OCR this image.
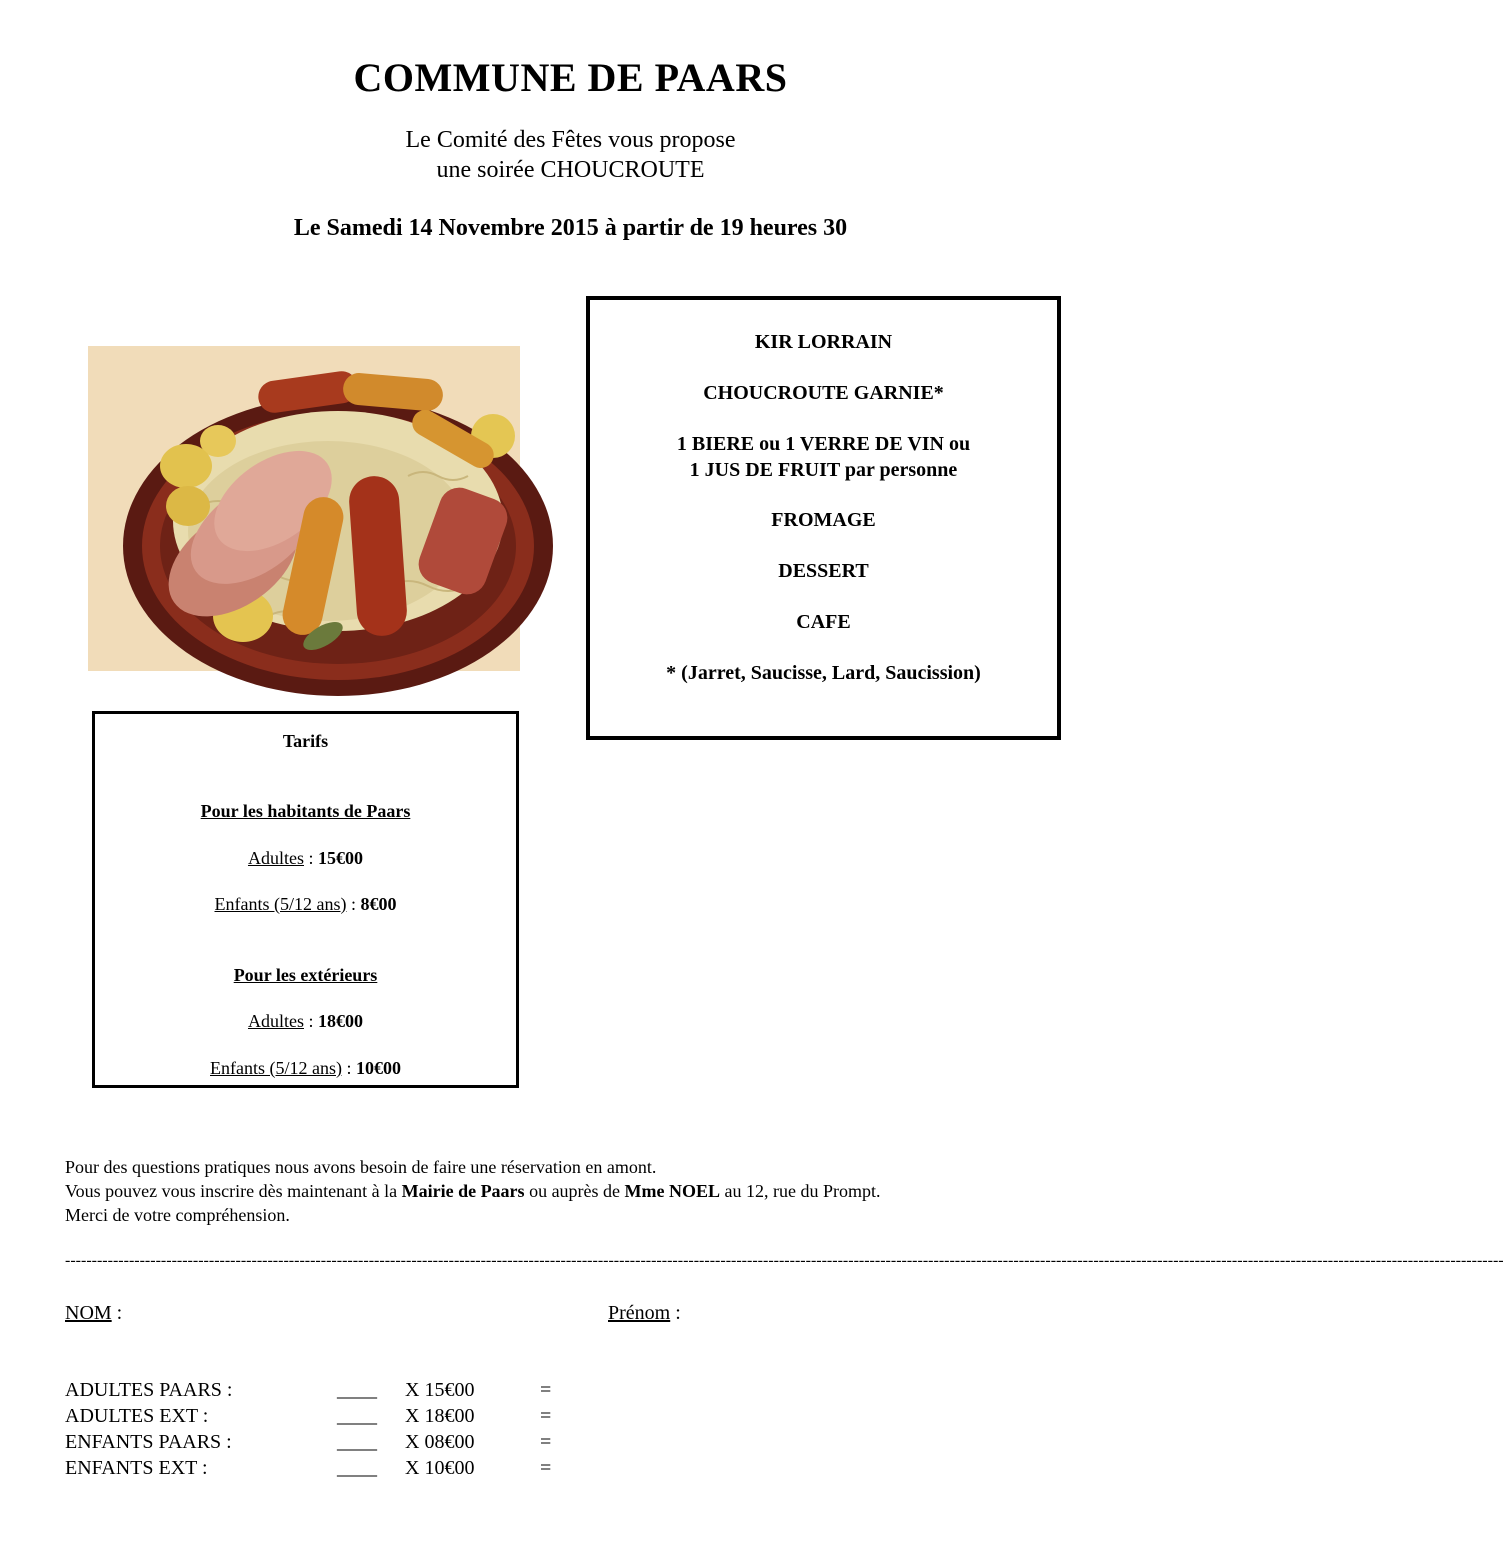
COMMUNE DE PAARS
Le Comité des Fêtes vous propose
une soirée CHOUCROUTE
Le Samedi 14 Novembre 2015 à partir de 19 heures 30
KIR LORRAIN
CHOUCROUTE GARNIE*
1 BIERE ou 1 VERRE DE VIN ou
1 JUS DE FRUIT par personne
FROMAGE
DESSERT
CAFE
* (Jarret, Saucisse, Lard, Saucission)
Tarifs
Pour les habitants de Paars
Adultes : 15€00
Enfants (5/12 ans) : 8€00
Pour les extérieurs
Adultes : 18€00
Enfants (5/12 ans) : 10€00
Pour des questions pratiques nous avons besoin de faire une réservation en amont.
Vous pouvez vous inscrire dès maintenant à la Mairie de Paars ou auprès de Mme NOEL au 12, rue du Prompt.
Merci de votre compréhension.
------------------------------------------------------------------------------------------------------------------------------------------------------------------------------------------------------------------------------------------------------------------------------
NOM :	Prénom :
ADULTES PAARS :	____ X 15€00	=
ADULTES EXT :	____ X 18€00	=
ENFANTS PAARS :	____ X 08€00	=
ENFANTS EXT :	____ X 10€00	=
